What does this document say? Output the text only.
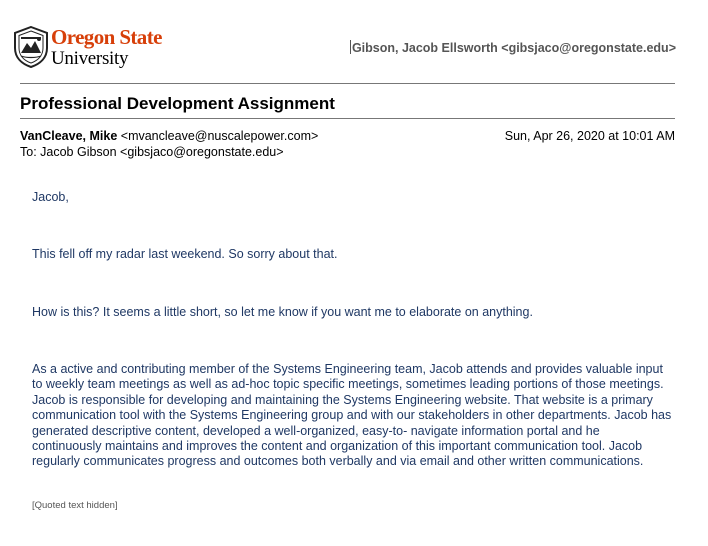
Oregon State
University	Gibson, Jacob Ellsworth <gibsjaco@oregonstate.edu>
Professional Development Assignment
VanCleave, Mike <mvancleave@nuscalepower.com>	Sun, Apr 26, 2020 at 10:01 AM
To: Jacob Gibson <gibsjaco@oregonstate.edu>
Jacob,
This fell off my radar last weekend. So sorry about that.
How is this? It seems a little short, so let me know if you want me to elaborate on anything.
As a active and contributing member of the Systems Engineering team, Jacob attends and provides valuable input to weekly team meetings as well as ad-hoc topic specific meetings, sometimes leading portions of those meetings. Jacob is responsible for developing and maintaining the Systems Engineering website. That website is a primary communication tool with the Systems Engineering group and with our stakeholders in other departments. Jacob has generated descriptive content, developed a well-organized, easy-to- navigate information portal and he continuously maintains and improves the content and organization of this important communication tool. Jacob regularly communicates progress and outcomes both verbally and via email and other written communications.
[Quoted text hidden]
